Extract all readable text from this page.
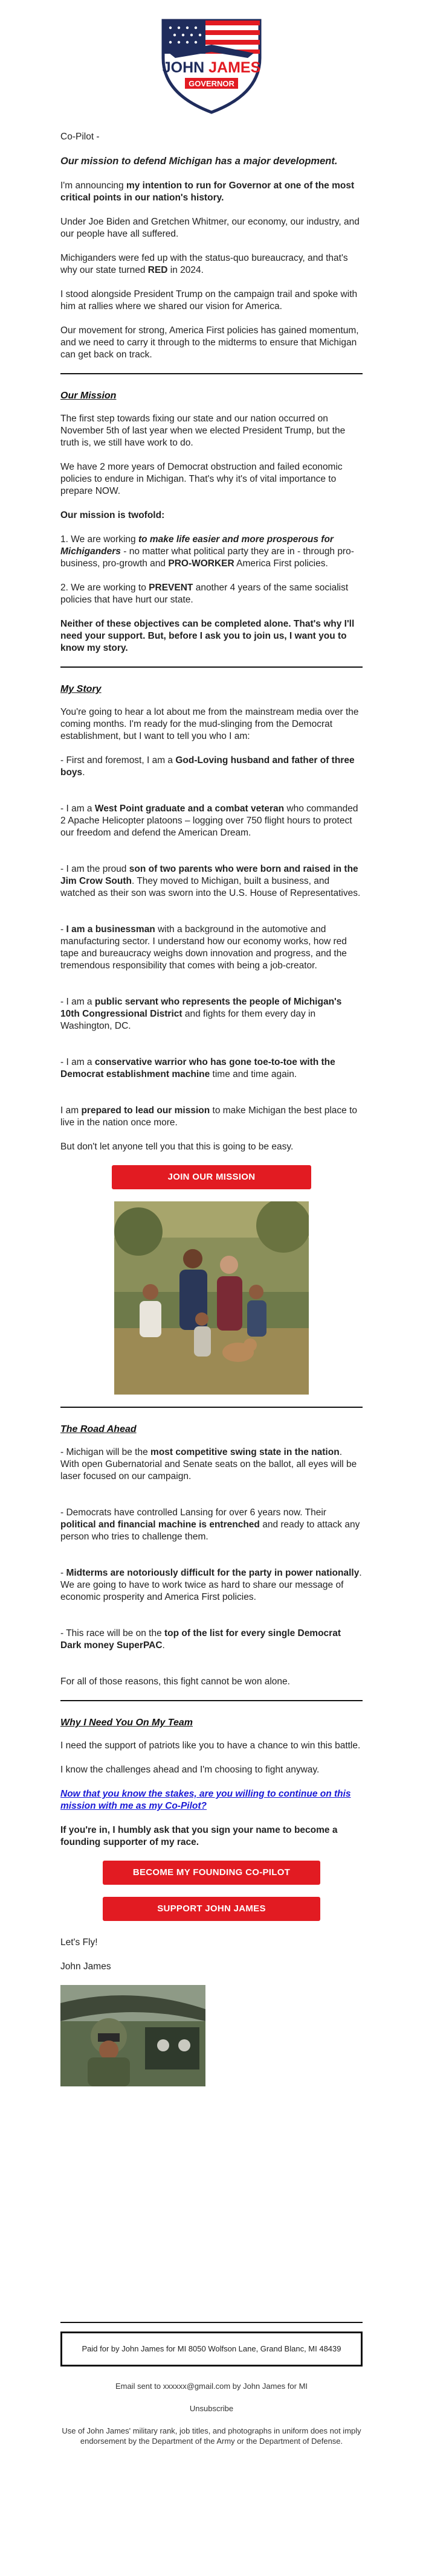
JOHN JAMES
GOVERNOR

Co-Pilot -

Our mission to defend Michigan has a major development.

I'm announcing my intention to run for Governor at one of the most critical points in our nation's history.

Under Joe Biden and Gretchen Whitmer, our economy, our industry, and our people have all suffered.

Michiganders were fed up with the status-quo bureaucracy, and that's why our state turned RED in 2024.

I stood alongside President Trump on the campaign trail and spoke with him at rallies where we shared our vision for America.

Our movement for strong, America First policies has gained momentum, and we need to carry it through to the midterms to ensure that Michigan can get back on track.

Our Mission

The first step towards fixing our state and our nation occurred on November 5th of last year when we elected President Trump, but the truth is, we still have work to do.

We have 2 more years of Democrat obstruction and failed economic policies to endure in Michigan. That's why it's of vital importance to prepare NOW.

Our mission is twofold:

1. We are working to make life easier and more prosperous for Michiganders - no matter what political party they are in - through pro-business, pro-growth and PRO-WORKER America First policies.

2. We are working to PREVENT another 4 years of the same socialist policies that have hurt our state.

Neither of these objectives can be completed alone. That's why I'll need your support. But, before I ask you to join us, I want you to know my story.

My Story

You're going to hear a lot about me from the mainstream media over the coming months. I'm ready for the mud-slinging from the Democrat establishment, but I want to tell you who I am:

- First and foremost, I am a God-Loving husband and father of three boys.

- I am a West Point graduate and a combat veteran who commanded 2 Apache Helicopter platoons – logging over 750 flight hours to protect our freedom and defend the American Dream.

- I am the proud son of two parents who were born and raised in the Jim Crow South. They moved to Michigan, built a business, and watched as their son was sworn into the U.S. House of Representatives.

- I am a businessman with a background in the automotive and manufacturing sector. I understand how our economy works, how red tape and bureaucracy weighs down innovation and progress, and the tremendous responsibility that comes with being a job-creator.

- I am a public servant who represents the people of Michigan's 10th Congressional District and fights for them every day in Washington, DC.

- I am a conservative warrior who has gone toe-to-toe with the Democrat establishment machine time and time again.

I am prepared to lead our mission to make Michigan the best place to live in the nation once more.

But don't let anyone tell you that this is going to be easy.

JOIN OUR MISSION
The Road Ahead

- Michigan will be the most competitive swing state in the nation. With open Gubernatorial and Senate seats on the ballot, all eyes will be laser focused on our campaign.

- Democrats have controlled Lansing for over 6 years now. Their political and financial machine is entrenched and ready to attack any person who tries to challenge them.

- Midterms are notoriously difficult for the party in power nationally. We are going to have to work twice as hard to share our message of economic prosperity and America First policies.

- This race will be on the top of the list for every single Democrat Dark money SuperPAC.

For all of those reasons, this fight cannot be won alone.

Why I Need You On My Team

I need the support of patriots like you to have a chance to win this battle.

I know the challenges ahead and I'm choosing to fight anyway.

Now that you know the stakes, are you willing to continue on this mission with me as my Co-Pilot?

If you're in, I humbly ask that you sign your name to become a founding supporter of my race.

BECOME MY FOUNDING CO-PILOT
SUPPORT JOHN JAMES

Let's Fly!

John James

Paid for by John James for MI 8050 Wolfson Lane, Grand Blanc, MI 48439

Email sent to xxxxxx@gmail.com by John James for MI

Unsubscribe

Use of John James' military rank, job titles, and photographs in uniform does not imply endorsement by the Department of the Army or the Department of Defense.
